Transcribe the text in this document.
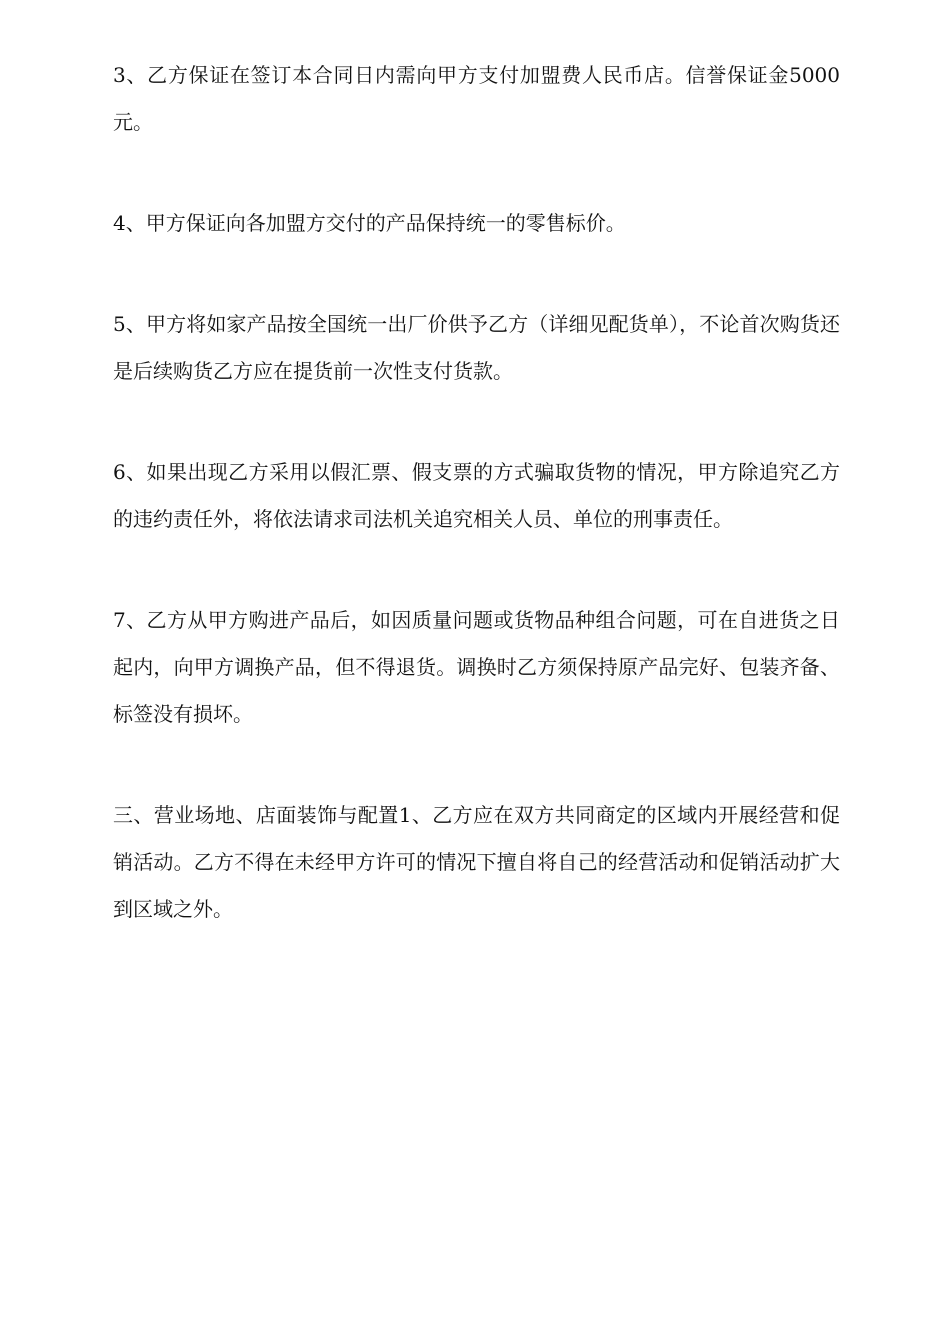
3、乙方保证在签订本合同日内需向甲方支付加盟费人民币店。信誉保证金5000元。

4、甲方保证向各加盟方交付的产品保持统一的零售标价。

5、甲方将如家产品按全国统一出厂价供予乙方（详细见配货单），不论首次购货还是后续购货乙方应在提货前一次性支付货款。

6、如果出现乙方采用以假汇票、假支票的方式骗取货物的情况，甲方除追究乙方的违约责任外，将依法请求司法机关追究相关人员、单位的刑事责任。

7、乙方从甲方购进产品后，如因质量问题或货物品种组合问题，可在自进货之日起内，向甲方调换产品，但不得退货。调换时乙方须保持原产品完好、包装齐备、标签没有损坏。

三、营业场地、店面装饰与配置1、乙方应在双方共同商定的区域内开展经营和促销活动。乙方不得在未经甲方许可的情况下擅自将自己的经营活动和促销活动扩大到区域之外。
